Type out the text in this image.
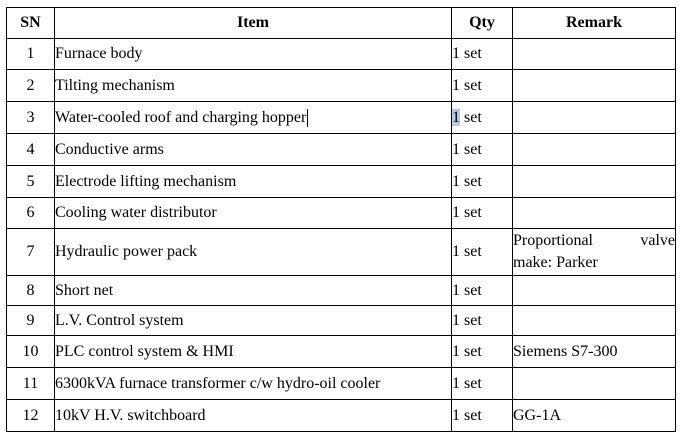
SN	Item	Qty	Remark
1	Furnace body	1 set	
2	Tilting mechanism	1 set	
3	Water-cooled roof and charging hopper	1 set	
4	Conductive arms	1 set	
5	Electrode lifting mechanism	1 set	
6	Cooling water distributor	1 set	
7	Hydraulic power pack	1 set	Proportional valve
make: Parker

8	Short net	1 set	
9	L.V. Control system	1 set	
10	PLC control system & HMI	1 set	Siemens S7-300
11	6300kVA furnace transformer c/w hydro-oil cooler	1 set	
12	10kV H.V. switchboard	1 set	GG-1A
